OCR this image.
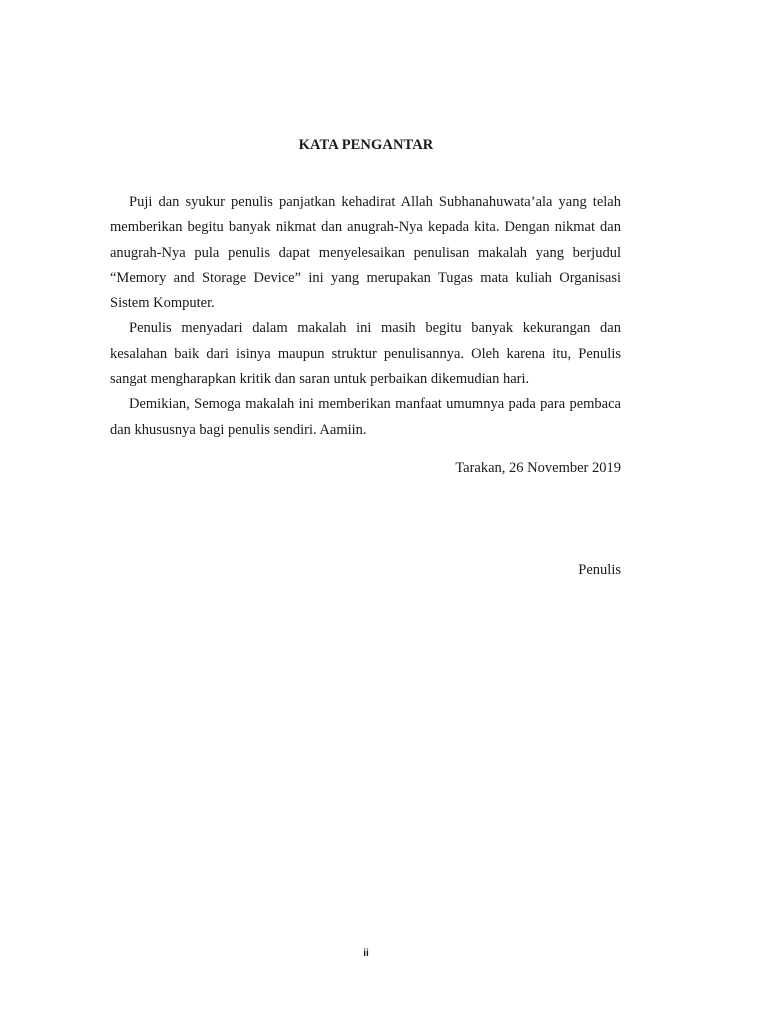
KATA PENGANTAR

Puji dan syukur penulis panjatkan kehadirat Allah Subhanahuwata’ala yang telah memberikan begitu banyak nikmat dan anugrah-Nya kepada kita. Dengan nikmat dan anugrah-Nya pula penulis dapat menyelesaikan penulisan makalah yang berjudul “Memory and Storage Device” ini yang merupakan Tugas mata kuliah Organisasi Sistem Komputer.

Penulis menyadari dalam makalah ini masih begitu banyak kekurangan dan kesalahan baik dari isinya maupun struktur penulisannya. Oleh karena itu, Penulis sangat mengharapkan kritik dan saran untuk perbaikan dikemudian hari.

Demikian, Semoga makalah ini memberikan manfaat umumnya pada para pembaca dan khususnya bagi penulis sendiri. Aamiin.

Tarakan, 26 November 2019
Penulis
ii
